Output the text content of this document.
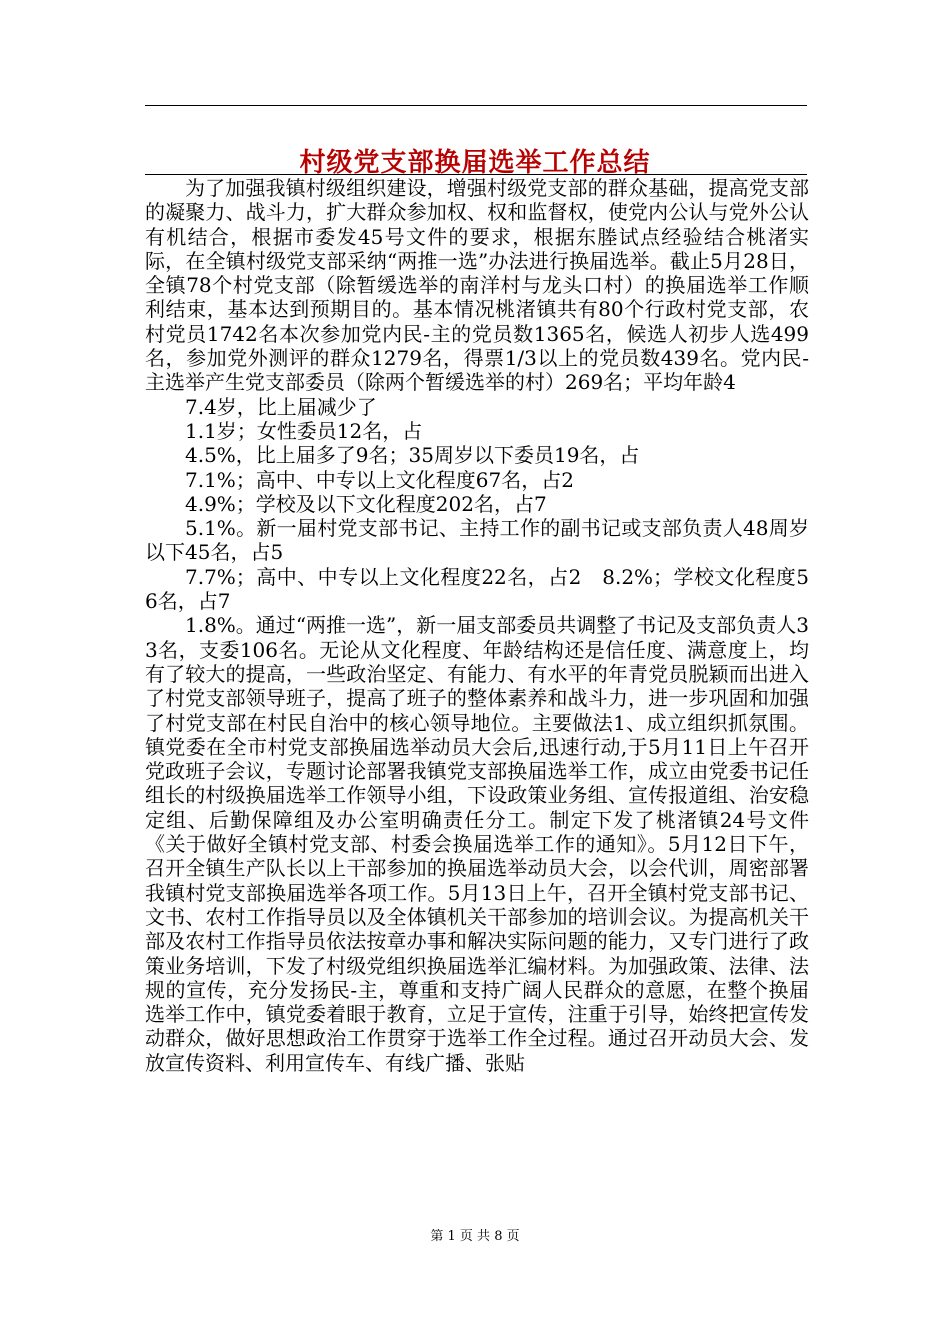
村级党支部换届选举工作总结

为了加强我镇村级组织建设，增强村级党支部的群众基础，提高党支部的凝聚力、战斗力，扩大群众参加权、权和监督权，使党内公认与党外公认有机结合，根据市委发45号文件的要求，根据东塍试点经验结合桃渚实际，在全镇村级党支部采纳“两推一选”办法进行换届选举。截止5月28日，全镇78个村党支部（除暂缓选举的南洋村与龙头口村）的换届选举工作顺利结束，基本达到预期目的。基本情况桃渚镇共有80个行政村党支部，农村党员1742名本次参加党内民-主的党员数1365名，候选人初步人选499名，参加党外测评的群众1279名，得票1/3以上的党员数439名。党内民-主选举产生党支部委员（除两个暂缓选举的村）269名；平均年龄4

7.4岁，比上届减少了

1.1岁；女性委员12名，占

4.5%，比上届多了9名；35周岁以下委员19名，占

7.1%；高中、中专以上文化程度67名，占2

4.9%；学校及以下文化程度202名，占7

5.1%。新一届村党支部书记、主持工作的副书记或支部负责人48周岁以下45名，占5

7.7%；高中、中专以上文化程度22名，占2　8.2%；学校文化程度56名，占7

1.8%。通过“两推一选”，新一届支部委员共调整了书记及支部负责人33名，支委106名。无论从文化程度、年龄结构还是信任度、满意度上，均有了较大的提高，一些政治坚定、有能力、有水平的年青党员脱颖而出进入了村党支部领导班子，提高了班子的整体素养和战斗力，进一步巩固和加强了村党支部在村民自治中的核心领导地位。主要做法1、成立组织抓氛围。镇党委在全市村党支部换届选举动员大会后,迅速行动,于5月11日上午召开党政班子会议，专题讨论部署我镇党支部换届选举工作，成立由党委书记任组长的村级换届选举工作领导小组，下设政策业务组、宣传报道组、治安稳定组、后勤保障组及办公室明确责任分工。制定下发了桃渚镇24号文件《关于做好全镇村党支部、村委会换届选举工作的通知》。5月12日下午，召开全镇生产队长以上干部参加的换届选举动员大会，以会代训，周密部署我镇村党支部换届选举各项工作。5月13日上午，召开全镇村党支部书记、文书、农村工作指导员以及全体镇机关干部参加的培训会议。为提高机关干部及农村工作指导员依法按章办事和解决实际问题的能力，又专门进行了政策业务培训，下发了村级党组织换届选举汇编材料。为加强政策、法律、法规的宣传，充分发扬民-主，尊重和支持广阔人民群众的意愿，在整个换届选举工作中，镇党委着眼于教育，立足于宣传，注重于引导，始终把宣传发动群众，做好思想政治工作贯穿于选举工作全过程。通过召开动员大会、发放宣传资料、利用宣传车、有线广播、张贴

第 1 页 共 8 页
